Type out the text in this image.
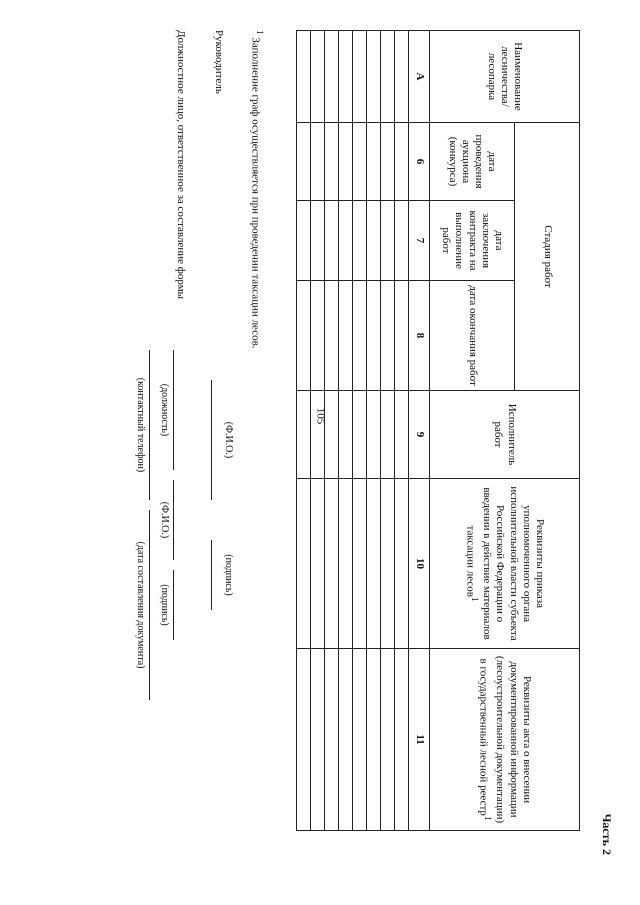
105
Часть 2
Наименование лесничества/ лесопарка	Стадия работ			Исполнитель работ	Реквизиты приказа уполномоченного органа исполнительной власти субъекта Российской Федерации о введении в действие материалов таксации лесов$^1$	Реквизиты акта о внесении документированной информации (лесоустроительной документации) в государственный лесной реестр$^1$
	дата проведения аукциона (конкурса)	дата заключения контракта на выполнение работ	дата окончания работ			
А	6	7	8	9	10	11

$^1$ Заполнение граф осуществляется при проведении таксации лесов.
Руководитель
(Ф.И.О.)
(подпись)
Должностное лицо, ответственное за составление формы
(должность)
(Ф.И.О.)
(подпись)
(контактный телефон)
(дата составления документа)
